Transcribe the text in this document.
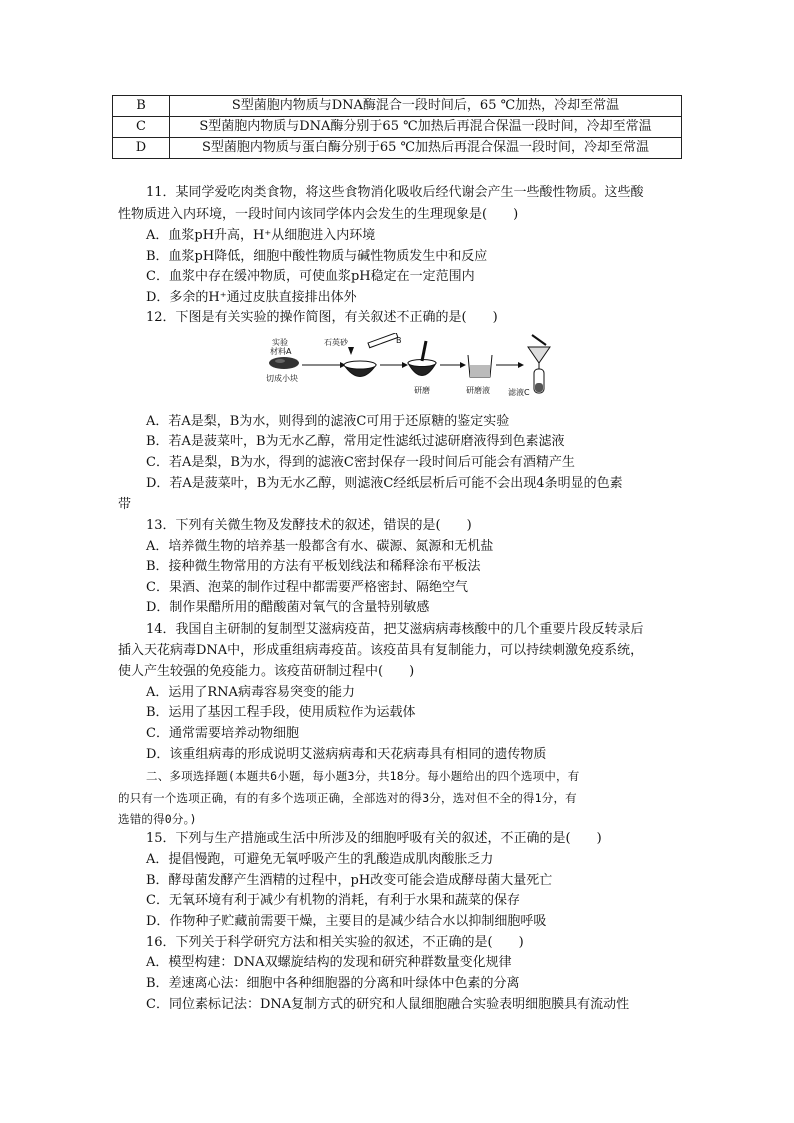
B	S型菌胞内物质与DNA酶混合一段时间后，65 ℃加热，冷却至常温
C	S型菌胞内物质与DNA酶分别于65 ℃加热后再混合保温一段时间，冷却至常温
D	S型菌胞内物质与蛋白酶分别于65 ℃加热后再混合保温一段时间，冷却至常温
11．某同学爱吃肉类食物，将这些食物消化吸收后经代谢会产生一些酸性物质。这些酸
性物质进入内环境，一段时间内该同学体内会发生的生理现象是(　　)
A．血浆pH升高，H⁺从细胞进入内环境
B．血浆pH降低，细胞中酸性物质与碱性物质发生中和反应
C．血浆中存在缓冲物质，可使血浆pH稳定在一定范围内
D．多余的H⁺通过皮肤直接排出体外
12．下图是有关实验的操作简图，有关叙述不正确的是(　　)
实验材料A
切成小块
石英砂	B
研磨	研磨液 滤液C
A．若A是梨，B为水，则得到的滤液C可用于还原糖的鉴定实验
B．若A是菠菜叶，B为无水乙醇，常用定性滤纸过滤研磨液得到色素滤液
C．若A是梨，B为水，得到的滤液C密封保存一段时间后可能会有酒精产生
D．若A是菠菜叶，B为无水乙醇，则滤液C经纸层析后可能不会出现4条明显的色素
带
13．下列有关微生物及发酵技术的叙述，错误的是(　　)
A．培养微生物的培养基一般都含有水、碳源、氮源和无机盐
B．接种微生物常用的方法有平板划线法和稀释涂布平板法
C．果酒、泡菜的制作过程中都需要严格密封、隔绝空气
D．制作果醋所用的醋酸菌对氧气的含量特别敏感
14．我国自主研制的复制型艾滋病疫苗，把艾滋病病毒核酸中的几个重要片段反转录后
插入天花病毒DNA中，形成重组病毒疫苗。该疫苗具有复制能力，可以持续刺激免疫系统，
使人产生较强的免疫能力。该疫苗研制过程中(　　)
A．运用了RNA病毒容易突变的能力
B．运用了基因工程手段，使用质粒作为运载体
C．通常需要培养动物细胞
D．该重组病毒的形成说明艾滋病病毒和天花病毒具有相同的遗传物质
二、多项选择题(本题共6小题，每小题3分，共18分。每小题给出的四个选项中，有
的只有一个选项正确，有的有多个选项正确，全部选对的得3分，选对但不全的得1分，有
选错的得0分。)
15．下列与生产措施或生活中所涉及的细胞呼吸有关的叙述，不正确的是(　　)
A．提倡慢跑，可避免无氧呼吸产生的乳酸造成肌肉酸胀乏力
B．酵母菌发酵产生酒精的过程中，pH改变可能会造成酵母菌大量死亡
C．无氧环境有利于减少有机物的消耗，有利于水果和蔬菜的保存
D．作物种子贮藏前需要干燥，主要目的是减少结合水以抑制细胞呼吸
16．下列关于科学研究方法和相关实验的叙述，不正确的是(　　)
A．模型构建：DNA双螺旋结构的发现和研究种群数量变化规律
B．差速离心法：细胞中各种细胞器的分离和叶绿体中色素的分离
C．同位素标记法：DNA复制方式的研究和人鼠细胞融合实验表明细胞膜具有流动性
